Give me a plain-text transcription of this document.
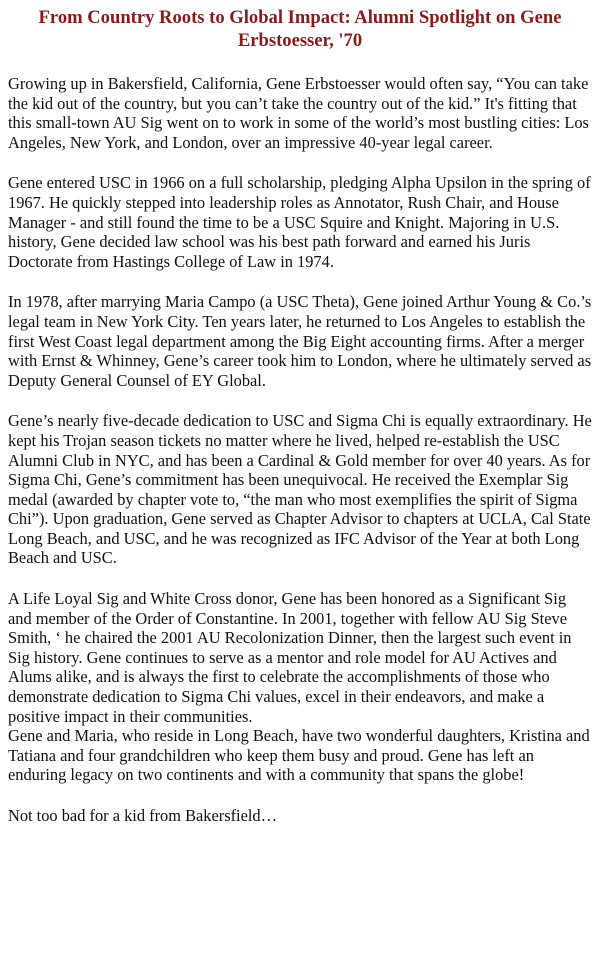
From Country Roots to Global Impact: Alumni Spotlight on Gene Erbstoesser, '70

Growing up in Bakersfield, California, Gene Erbstoesser would often say, “You can take the kid out of the country, but you can’t take the country out of the kid.” It's fitting that this small-town AU Sig went on to work in some of the world’s most bustling cities: Los Angeles, New York, and London, over an impressive 40-year legal career.

Gene entered USC in 1966 on a full scholarship, pledging Alpha Upsilon in the spring of 1967. He quickly stepped into leadership roles as Annotator, Rush Chair, and House Manager - and still found the time to be a USC Squire and Knight. Majoring in U.S. history, Gene decided law school was his best path forward and earned his Juris Doctorate from Hastings College of Law in 1974.

In 1978, after marrying Maria Campo (a USC Theta), Gene joined Arthur Young & Co.’s legal team in New York City. Ten years later, he returned to Los Angeles to establish the first West Coast legal department among the Big Eight accounting firms. After a merger with Ernst & Whinney, Gene’s career took him to London, where he ultimately served as Deputy General Counsel of EY Global.

Gene’s nearly five-decade dedication to USC and Sigma Chi is equally extraordinary. He kept his Trojan season tickets no matter where he lived, helped re-establish the USC Alumni Club in NYC, and has been a Cardinal & Gold member for over 40 years. As for Sigma Chi, Gene’s commitment has been unequivocal. He received the Exemplar Sig medal (awarded by chapter vote to, “the man who most exemplifies the spirit of Sigma Chi”). Upon graduation, Gene served as Chapter Advisor to chapters at UCLA, Cal State Long Beach, and USC, and he was recognized as IFC Advisor of the Year at both Long Beach and USC.

A Life Loyal Sig and White Cross donor, Gene has been honored as a Significant Sig and member of the Order of Constantine. In 2001, together with fellow AU Sig Steve Smith, ‘ he chaired the 2001 AU Recolonization Dinner, then the largest such event in Sig history. Gene continues to serve as a mentor and role model for AU Actives and Alums alike, and is always the first to celebrate the accomplishments of those who demonstrate dedication to Sigma Chi values, excel in their endeavors, and make a positive impact in their communities.

Gene and Maria, who reside in Long Beach, have two wonderful daughters, Kristina and Tatiana and four grandchildren who keep them busy and proud. Gene has left an enduring legacy on two continents and with a community that spans the globe!

Not too bad for a kid from Bakersfield…
